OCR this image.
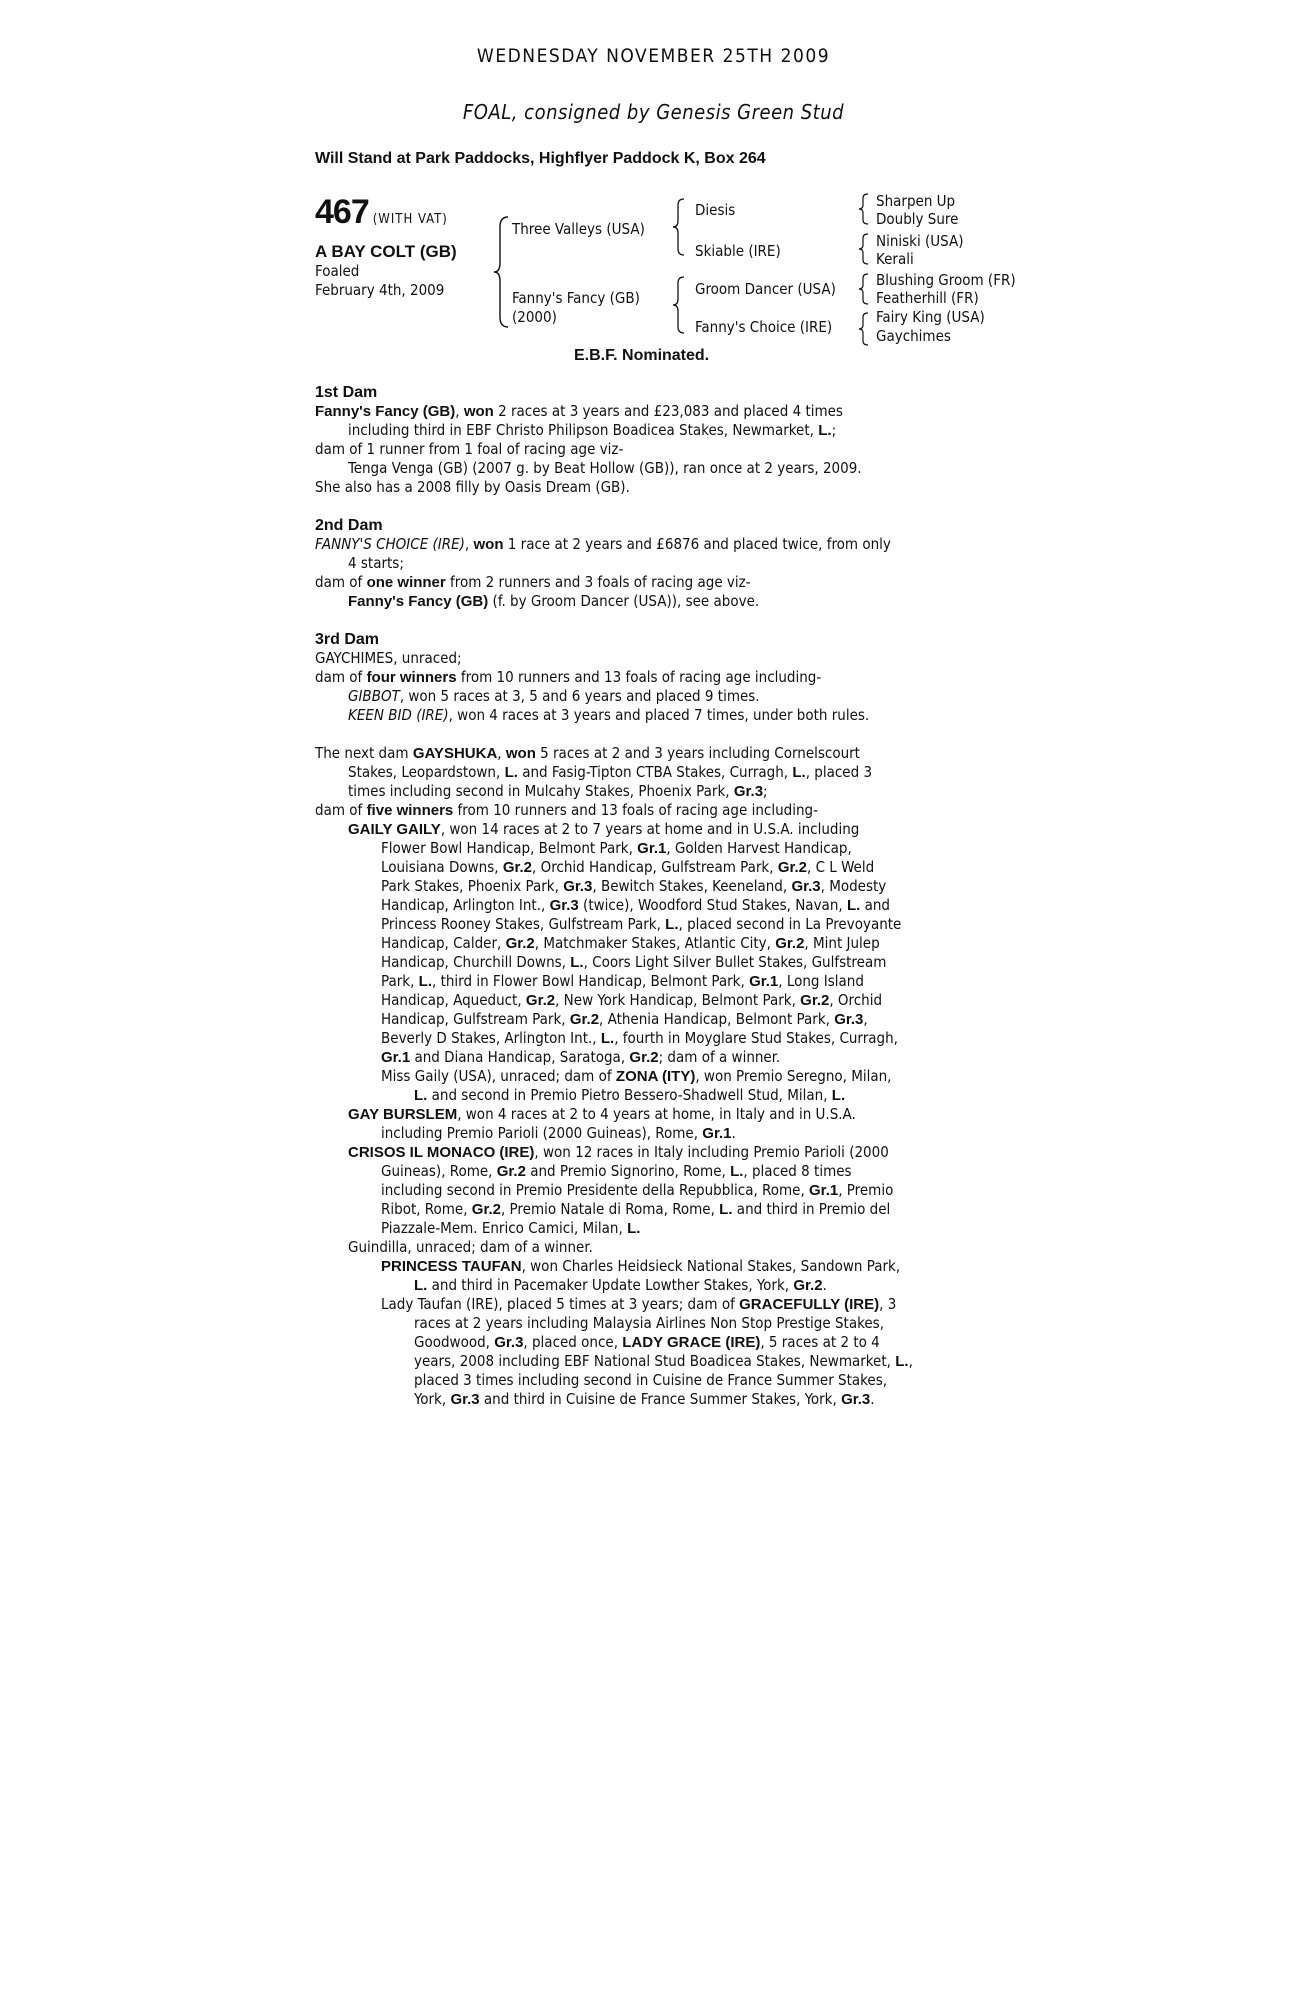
WEDNESDAY NOVEMBER 25TH 2009
FOAL, consigned by Genesis Green Stud
Will Stand at Park Paddocks, Highflyer Paddock K, Box 264
467 (WITH VAT)
A BAY COLT (GB)
Foaled
February 4th, 2009
Three Valleys (USA)
Fanny's Fancy (GB)
(2000)
Diesis
Skiable (IRE)
Groom Dancer (USA)
Fanny's Choice (IRE)
Sharpen Up
Doubly Sure
Niniski (USA)
Kerali
Blushing Groom (FR)
Featherhill (FR)
Fairy King (USA)
Gaychimes
E.B.F. Nominated.
1st Dam
Fanny's Fancy (GB), won 2 races at 3 years and £23,083 and placed 4 times
including third in EBF Christo Philipson Boadicea Stakes, Newmarket, L.;
dam of 1 runner from 1 foal of racing age viz-
Tenga Venga (GB) (2007 g. by Beat Hollow (GB)), ran once at 2 years, 2009.
She also has a 2008 filly by Oasis Dream (GB).
2nd Dam
FANNY'S CHOICE (IRE), won 1 race at 2 years and £6876 and placed twice, from only
4 starts;
dam of one winner from 2 runners and 3 foals of racing age viz-
Fanny's Fancy (GB) (f. by Groom Dancer (USA)), see above.
3rd Dam
GAYCHIMES, unraced;
dam of four winners from 10 runners and 13 foals of racing age including-
GIBBOT, won 5 races at 3, 5 and 6 years and placed 9 times.
KEEN BID (IRE), won 4 races at 3 years and placed 7 times, under both rules.
The next dam GAYSHUKA, won 5 races at 2 and 3 years including Cornelscourt
Stakes, Leopardstown, L. and Fasig-Tipton CTBA Stakes, Curragh, L., placed 3
times including second in Mulcahy Stakes, Phoenix Park, Gr.3;
dam of five winners from 10 runners and 13 foals of racing age including-
GAILY GAILY, won 14 races at 2 to 7 years at home and in U.S.A. including
Flower Bowl Handicap, Belmont Park, Gr.1, Golden Harvest Handicap,
Louisiana Downs, Gr.2, Orchid Handicap, Gulfstream Park, Gr.2, C L Weld
Park Stakes, Phoenix Park, Gr.3, Bewitch Stakes, Keeneland, Gr.3, Modesty
Handicap, Arlington Int., Gr.3 (twice), Woodford Stud Stakes, Navan, L. and
Princess Rooney Stakes, Gulfstream Park, L., placed second in La Prevoyante
Handicap, Calder, Gr.2, Matchmaker Stakes, Atlantic City, Gr.2, Mint Julep
Handicap, Churchill Downs, L., Coors Light Silver Bullet Stakes, Gulfstream
Park, L., third in Flower Bowl Handicap, Belmont Park, Gr.1, Long Island
Handicap, Aqueduct, Gr.2, New York Handicap, Belmont Park, Gr.2, Orchid
Handicap, Gulfstream Park, Gr.2, Athenia Handicap, Belmont Park, Gr.3,
Beverly D Stakes, Arlington Int., L., fourth in Moyglare Stud Stakes, Curragh,
Gr.1 and Diana Handicap, Saratoga, Gr.2; dam of a winner.
Miss Gaily (USA), unraced; dam of ZONA (ITY), won Premio Seregno, Milan,
L. and second in Premio Pietro Bessero-Shadwell Stud, Milan, L.
GAY BURSLEM, won 4 races at 2 to 4 years at home, in Italy and in U.S.A.
including Premio Parioli (2000 Guineas), Rome, Gr.1.
CRISOS IL MONACO (IRE), won 12 races in Italy including Premio Parioli (2000
Guineas), Rome, Gr.2 and Premio Signorino, Rome, L., placed 8 times
including second in Premio Presidente della Repubblica, Rome, Gr.1, Premio
Ribot, Rome, Gr.2, Premio Natale di Roma, Rome, L. and third in Premio del
Piazzale-Mem. Enrico Camici, Milan, L.
Guindilla, unraced; dam of a winner.
PRINCESS TAUFAN, won Charles Heidsieck National Stakes, Sandown Park,
L. and third in Pacemaker Update Lowther Stakes, York, Gr.2.
Lady Taufan (IRE), placed 5 times at 3 years; dam of GRACEFULLY (IRE), 3
races at 2 years including Malaysia Airlines Non Stop Prestige Stakes,
Goodwood, Gr.3, placed once, LADY GRACE (IRE), 5 races at 2 to 4
years, 2008 including EBF National Stud Boadicea Stakes, Newmarket, L.,
placed 3 times including second in Cuisine de France Summer Stakes,
York, Gr.3 and third in Cuisine de France Summer Stakes, York, Gr.3.
